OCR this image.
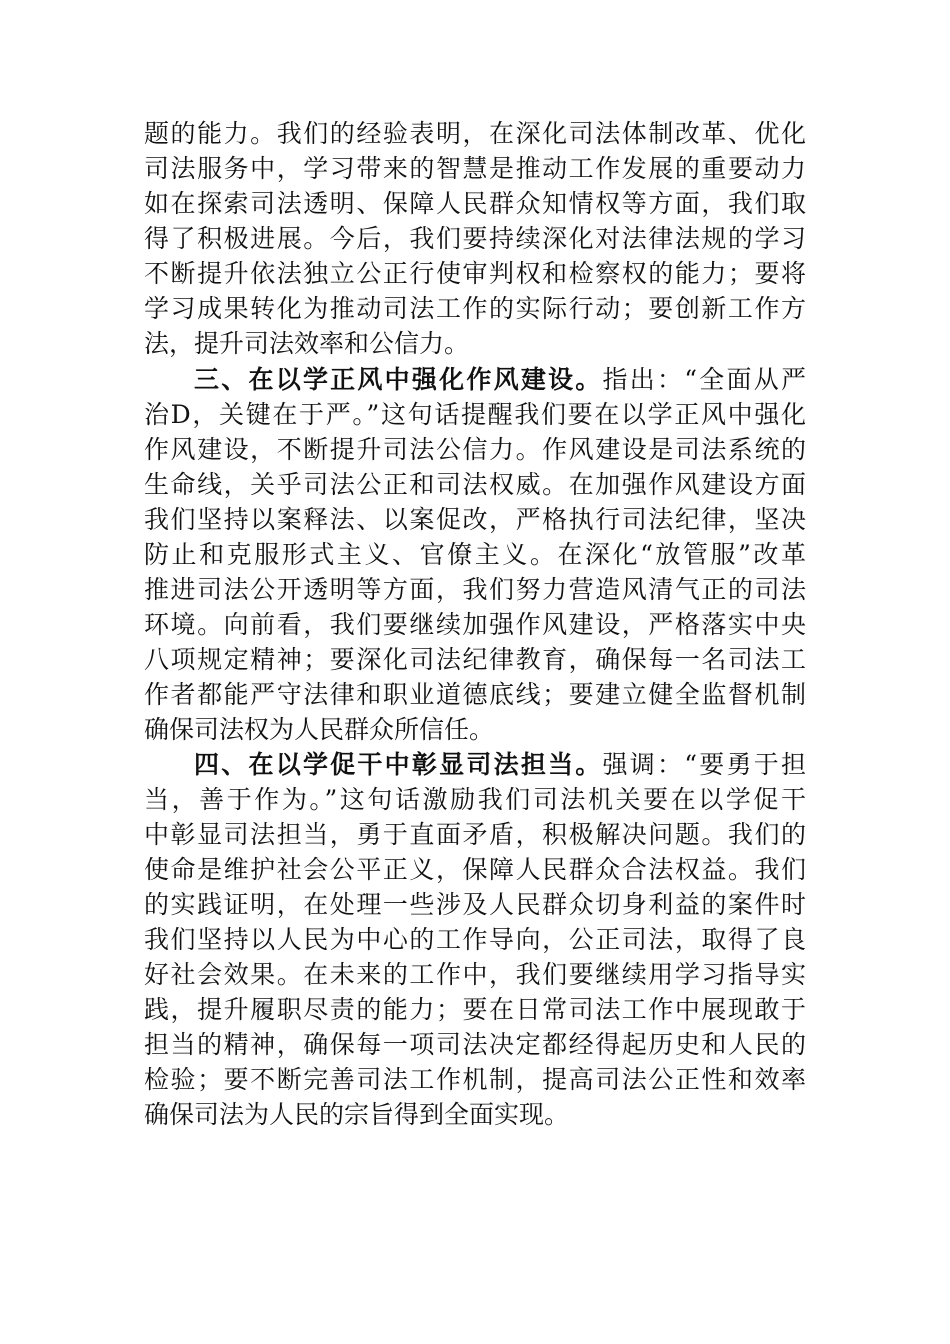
题的能力。我们的经验表明，在深化司法体制改革、优化
司法服务中，学习带来的智慧是推动工作发展的重要动力
如在探索司法透明、保障人民群众知情权等方面，我们取
得了积极进展。今后，我们要持续深化对法律法规的学习
不断提升依法独立公正行使审判权和检察权的能力；要将
学习成果转化为推动司法工作的实际行动；要创新工作方
法，提升司法效率和公信力。
三、在以学正风中强化作风建设。指出：“全面从严
治D，关键在于严。”这句话提醒我们要在以学正风中强化
作风建设，不断提升司法公信力。作风建设是司法系统的
生命线，关乎司法公正和司法权威。在加强作风建设方面
我们坚持以案释法、以案促改，严格执行司法纪律，坚决
防止和克服形式主义、官僚主义。在深化“放管服”改革
推进司法公开透明等方面，我们努力营造风清气正的司法
环境。向前看，我们要继续加强作风建设，严格落实中央
八项规定精神；要深化司法纪律教育，确保每一名司法工
作者都能严守法律和职业道德底线；要建立健全监督机制
确保司法权为人民群众所信任。
四、在以学促干中彰显司法担当。强调：“要勇于担
当，善于作为。”这句话激励我们司法机关要在以学促干
中彰显司法担当，勇于直面矛盾，积极解决问题。我们的
使命是维护社会公平正义，保障人民群众合法权益。我们
的实践证明，在处理一些涉及人民群众切身利益的案件时
我们坚持以人民为中心的工作导向，公正司法，取得了良
好社会效果。在未来的工作中，我们要继续用学习指导实
践，提升履职尽责的能力；要在日常司法工作中展现敢于
担当的精神，确保每一项司法决定都经得起历史和人民的
检验；要不断完善司法工作机制，提高司法公正性和效率
确保司法为人民的宗旨得到全面实现。
